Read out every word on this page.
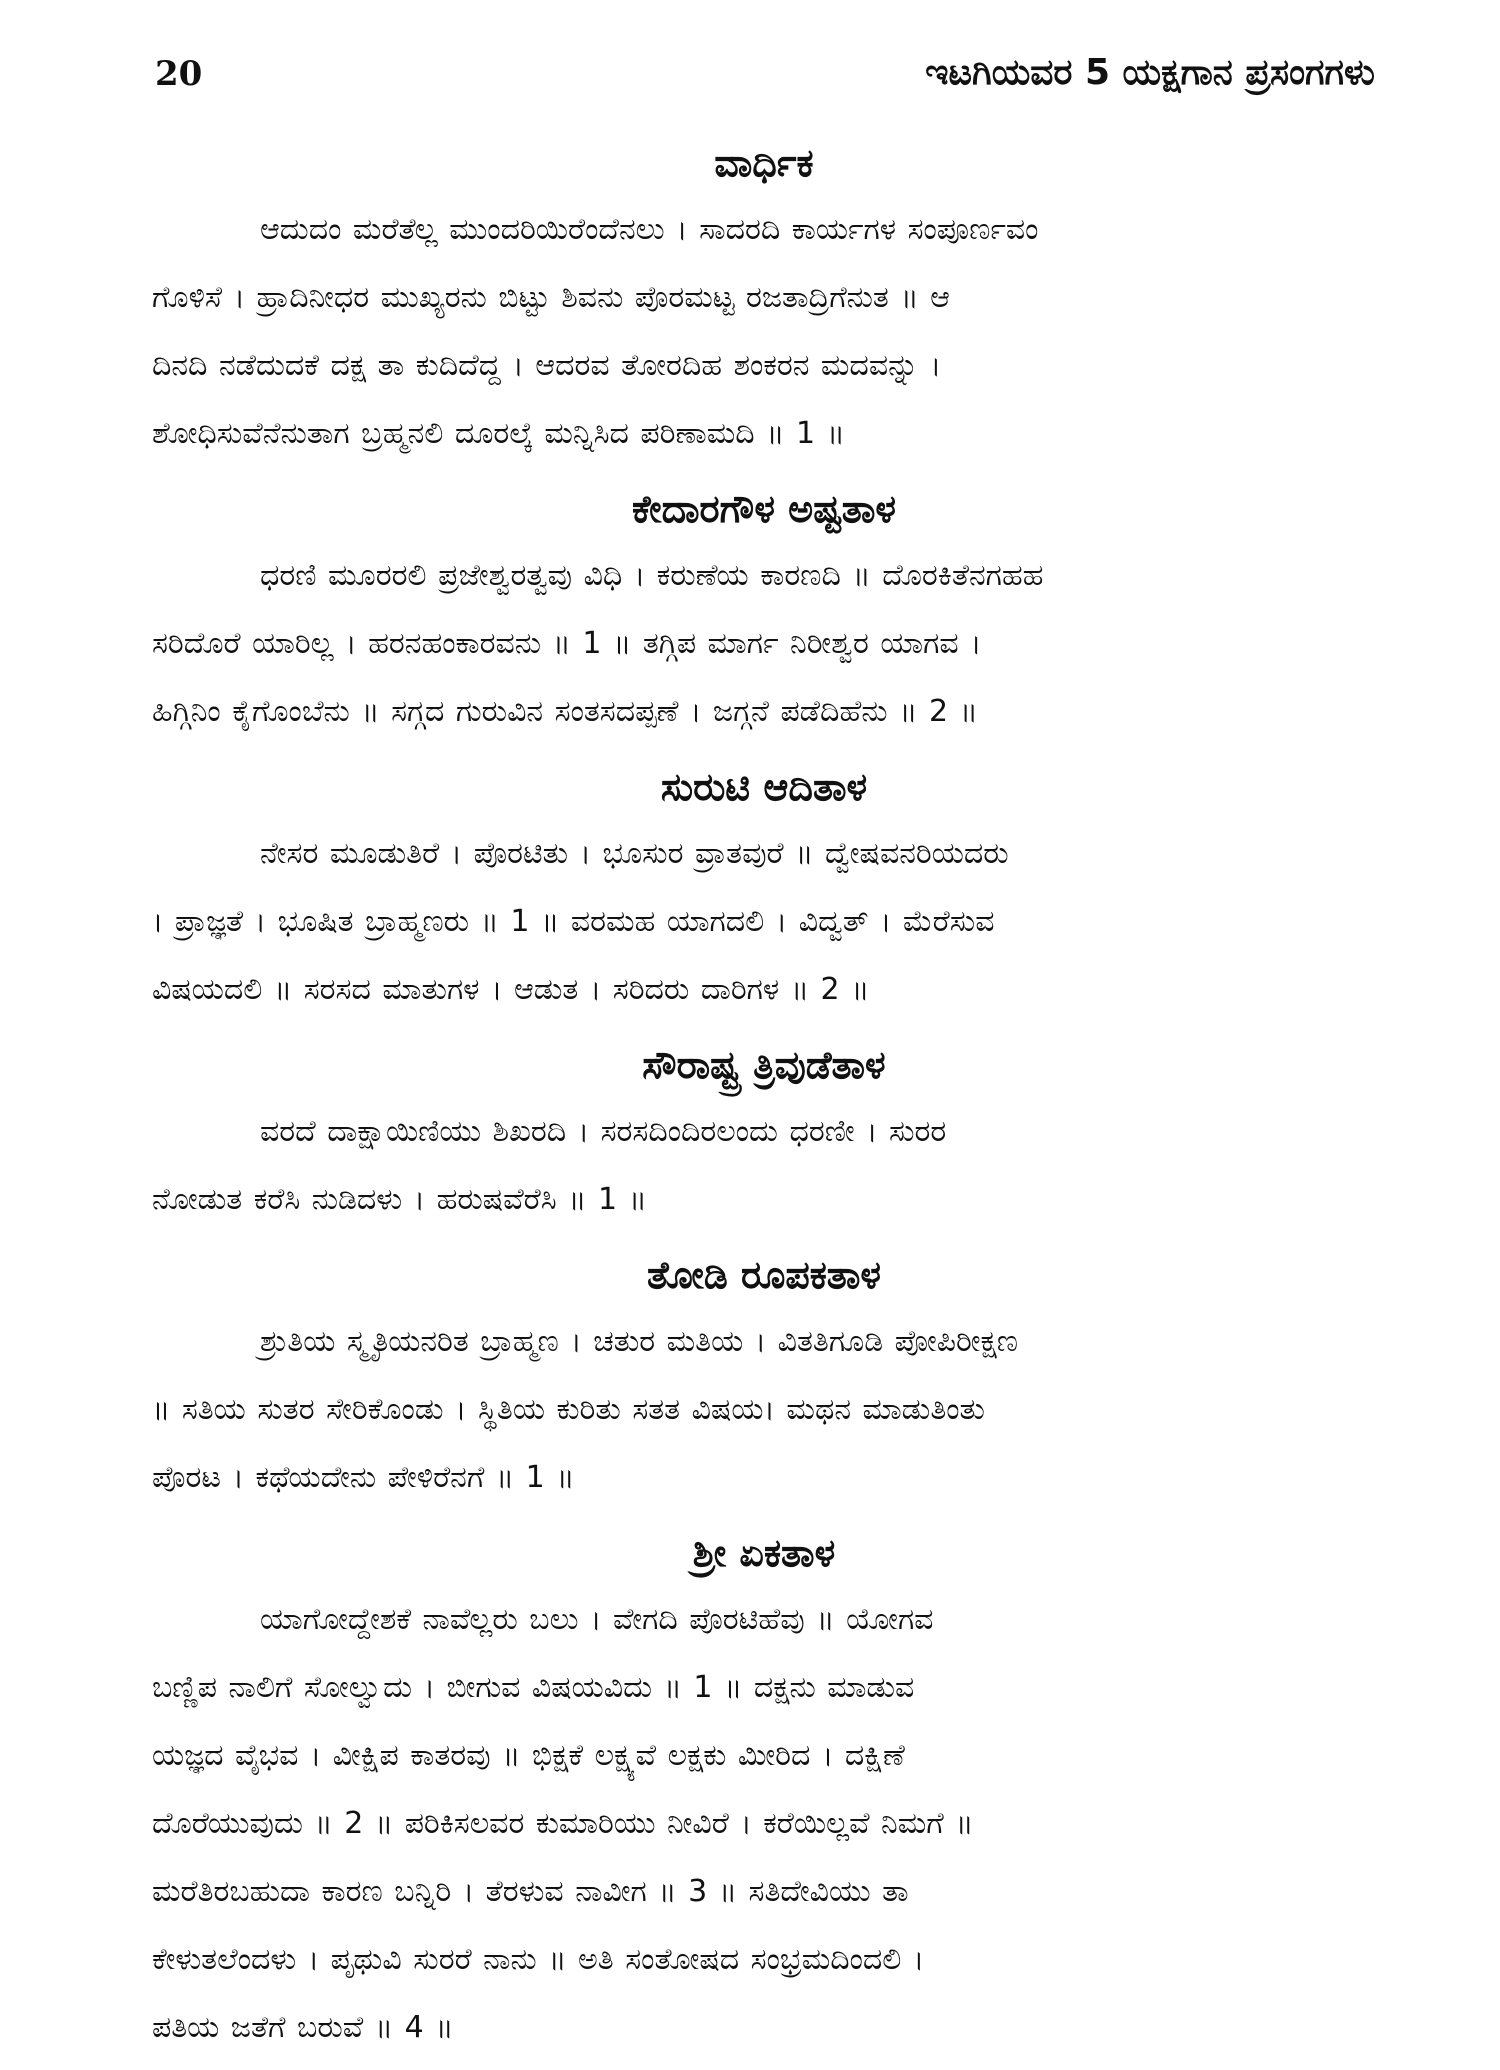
20	ಇಟಗಿಯವರ 5 ಯಕ್ಷಗಾನ ಪ್ರಸಂಗಗಳು
ವಾರ್ಧಿಕ
ಆದುದಂ ಮರೆತೆಲ್ಲ ಮುಂದರಿಯಿರೆಂದೆನಲು । ಸಾದರದಿ ಕಾರ್ಯಗಳ ಸಂಪೂರ್ಣವಂ
ಗೊಳಿಸೆ । ಹ್ರಾದಿನೀಧರ ಮುಖ್ಯರನು ಬಿಟ್ಟು ಶಿವನು ಪೊರಮಟ್ಟ ರಜತಾದ್ರಿಗೆನುತ ॥ ಆ
ದಿನದಿ ನಡೆದುದಕೆ ದಕ್ಷ ತಾ ಕುದಿದೆದ್ದ । ಆದರವ ತೋರದಿಹ ಶಂಕರನ ಮದವನ್ನು ।
ಶೋಧಿಸುವೆನೆನುತಾಗ ಬ್ರಹ್ಮನಲಿ ದೂರಲ್ಕೆ ಮನ್ನಿಸಿದ ಪರಿಣಾಮದಿ ॥ 1 ॥
ಕೇದಾರಗೌಳ ಅಷ್ಟತಾಳ
ಧರಣಿ ಮೂರರಲಿ ಪ್ರಜೇಶ್ವರತ್ವವು ವಿಧಿ । ಕರುಣೆಯ ಕಾರಣದಿ ॥ ದೊರಕಿತೆನಗಹಹ
ಸರಿದೊರೆ ಯಾರಿಲ್ಲ । ಹರನಹಂಕಾರವನು ॥ 1 ॥ ತಗ್ಗಿಪ ಮಾರ್ಗ ನಿರೀಶ್ವರ ಯಾಗವ ।
ಹಿಗ್ಗಿನಿಂ ಕೈಗೊಂಬೆನು ॥ ಸಗ್ಗದ ಗುರುವಿನ ಸಂತಸದಪ್ಪಣೆ । ಜಗ್ಗನೆ ಪಡೆದಿಹೆನು ॥ 2 ॥
ಸುರುಟಿ ಆದಿತಾಳ
ನೇಸರ ಮೂಡುತಿರೆ । ಪೊರಟಿತು । ಭೂಸುರ ವ್ರಾತವುರೆ ॥ ದ್ವೇಷವನರಿಯದರು
। ಪ್ರಾಜ್ಞತೆ । ಭೂಷಿತ ಬ್ರಾಹ್ಮಣರು ॥ 1 ॥ ವರಮಹ ಯಾಗದಲಿ । ವಿದ್ವತ್ । ಮೆರೆಸುವ
ವಿಷಯದಲಿ ॥ ಸರಸದ ಮಾತುಗಳ । ಆಡುತ । ಸರಿದರು ದಾರಿಗಳ ॥ 2 ॥
ಸೌರಾಷ್ಟ್ರ ತ್ರಿವುಡೆತಾಳ
ವರದೆ ದಾಕ್ಷಾಯಿಣಿಯು ಶಿಖರದಿ । ಸರಸದಿಂದಿರಲಂದು ಧರಣೀ । ಸುರರ
ನೋಡುತ ಕರೆಸಿ ನುಡಿದಳು । ಹರುಷವೆರೆಸಿ ॥ 1 ॥
ತೋಡಿ ರೂಪಕತಾಳ
ಶ್ರುತಿಯ ಸ್ಮೃತಿಯನರಿತ ಬ್ರಾಹ್ಮಣ । ಚತುರ ಮತಿಯ । ವಿತತಿಗೂಡಿ ಪೋಪಿರೀಕ್ಷಣ
॥ ಸತಿಯ ಸುತರ ಸೇರಿಕೊಂಡು । ಸ್ಥಿತಿಯ ಕುರಿತು ಸತತ ವಿಷಯ। ಮಥನ ಮಾಡುತಿಂತು
ಪೊರಟ । ಕಥೆಯದೇನು ಪೇಳಿರೆನಗೆ ॥ 1 ॥
ಶ್ರೀ ಏಕತಾಳ
ಯಾಗೋದ್ದೇಶಕೆ ನಾವೆಲ್ಲರು ಬಲು । ವೇಗದಿ ಪೊರಟಿಹೆವು ॥ ಯೋಗವ
ಬಣ್ಣಿಪ ನಾಲಿಗೆ ಸೋಲ್ವುದು । ಬೀಗುವ ವಿಷಯವಿದು ॥ 1 ॥ ದಕ್ಷನು ಮಾಡುವ
ಯಜ್ಞದ ವೈಭವ । ವೀಕ್ಷಿಪ ಕಾತರವು ॥ ಭಿಕ್ಷಕೆ ಲಕ್ಷ್ಯವೆ ಲಕ್ಷಕು ಮೀರಿದ । ದಕ್ಷಿಣೆ
ದೊರೆಯುವುದು ॥ 2 ॥ ಪರಿಕಿಸಲವರ ಕುಮಾರಿಯು ನೀವಿರೆ । ಕರೆಯಿಲ್ಲವೆ ನಿಮಗೆ ॥
ಮರೆತಿರಬಹುದಾ ಕಾರಣ ಬನ್ನಿರಿ । ತೆರಳುವ ನಾವೀಗ ॥ 3 ॥ ಸತಿದೇವಿಯು ತಾ
ಕೇಳುತಲೆಂದಳು । ಪೃಥುವಿ ಸುರರೆ ನಾನು ॥ ಅತಿ ಸಂತೋಷದ ಸಂಭ್ರಮದಿಂದಲಿ ।
ಪತಿಯ ಜತೆಗೆ ಬರುವೆ ॥ 4 ॥
